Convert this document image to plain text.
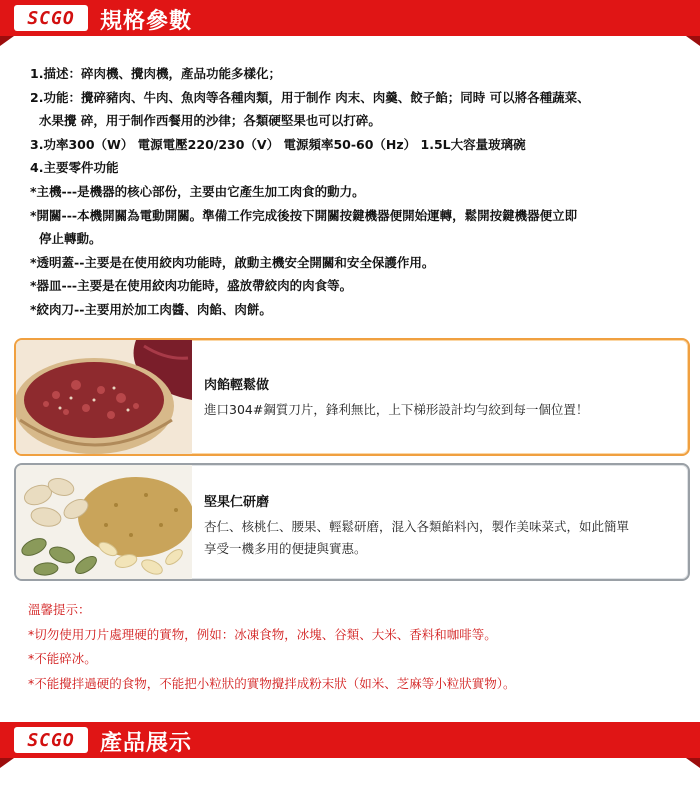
SCGO	規格參數
1.描述：碎肉機、攪肉機，產品功能多樣化；
2.功能：攪碎豬肉、牛肉、魚肉等各種肉類，用于制作 肉末、肉羹、餃子餡；同時 可以將各種蔬菜、
水果攪 碎，用于制作西餐用的沙律；各類硬堅果也可以打碎。
3.功率300（W） 電源電壓220/230（V） 電源頻率50-60（Hz） 1.5L大容量玻璃碗
4.主要零件功能
*主機---是機器的核心部份，主要由它產生加工肉食的動力。
*開關---本機開關為電動開關。準備工作完成後按下開關按鍵機器便開始運轉，鬆開按鍵機器便立即
停止轉動。
*透明蓋--主要是在使用絞肉功能時，啟動主機安全開關和安全保護作用。
*器皿---主要是在使用絞肉功能時，盛放帶絞肉的肉食等。
*絞肉刀--主要用於加工肉醬、肉餡、肉餅。
肉餡輕鬆做
進口304#鋼質刀片，鋒利無比，上下梯形設計均勻絞到每一個位置！
堅果仁研磨
杏仁、核桃仁、腰果、輕鬆研磨，混入各類餡料內，製作美味菜式，如此簡單
享受一機多用的便捷與實惠。
溫馨提示：
*切勿使用刀片處理硬的實物，例如：冰凍食物，冰塊、谷類、大米、香料和咖啡等。
*不能碎冰。
*不能攪拌過硬的食物，不能把小粒狀的實物攪拌成粉末狀（如米、芝麻等小粒狀實物）。
SCGO	產品展示
